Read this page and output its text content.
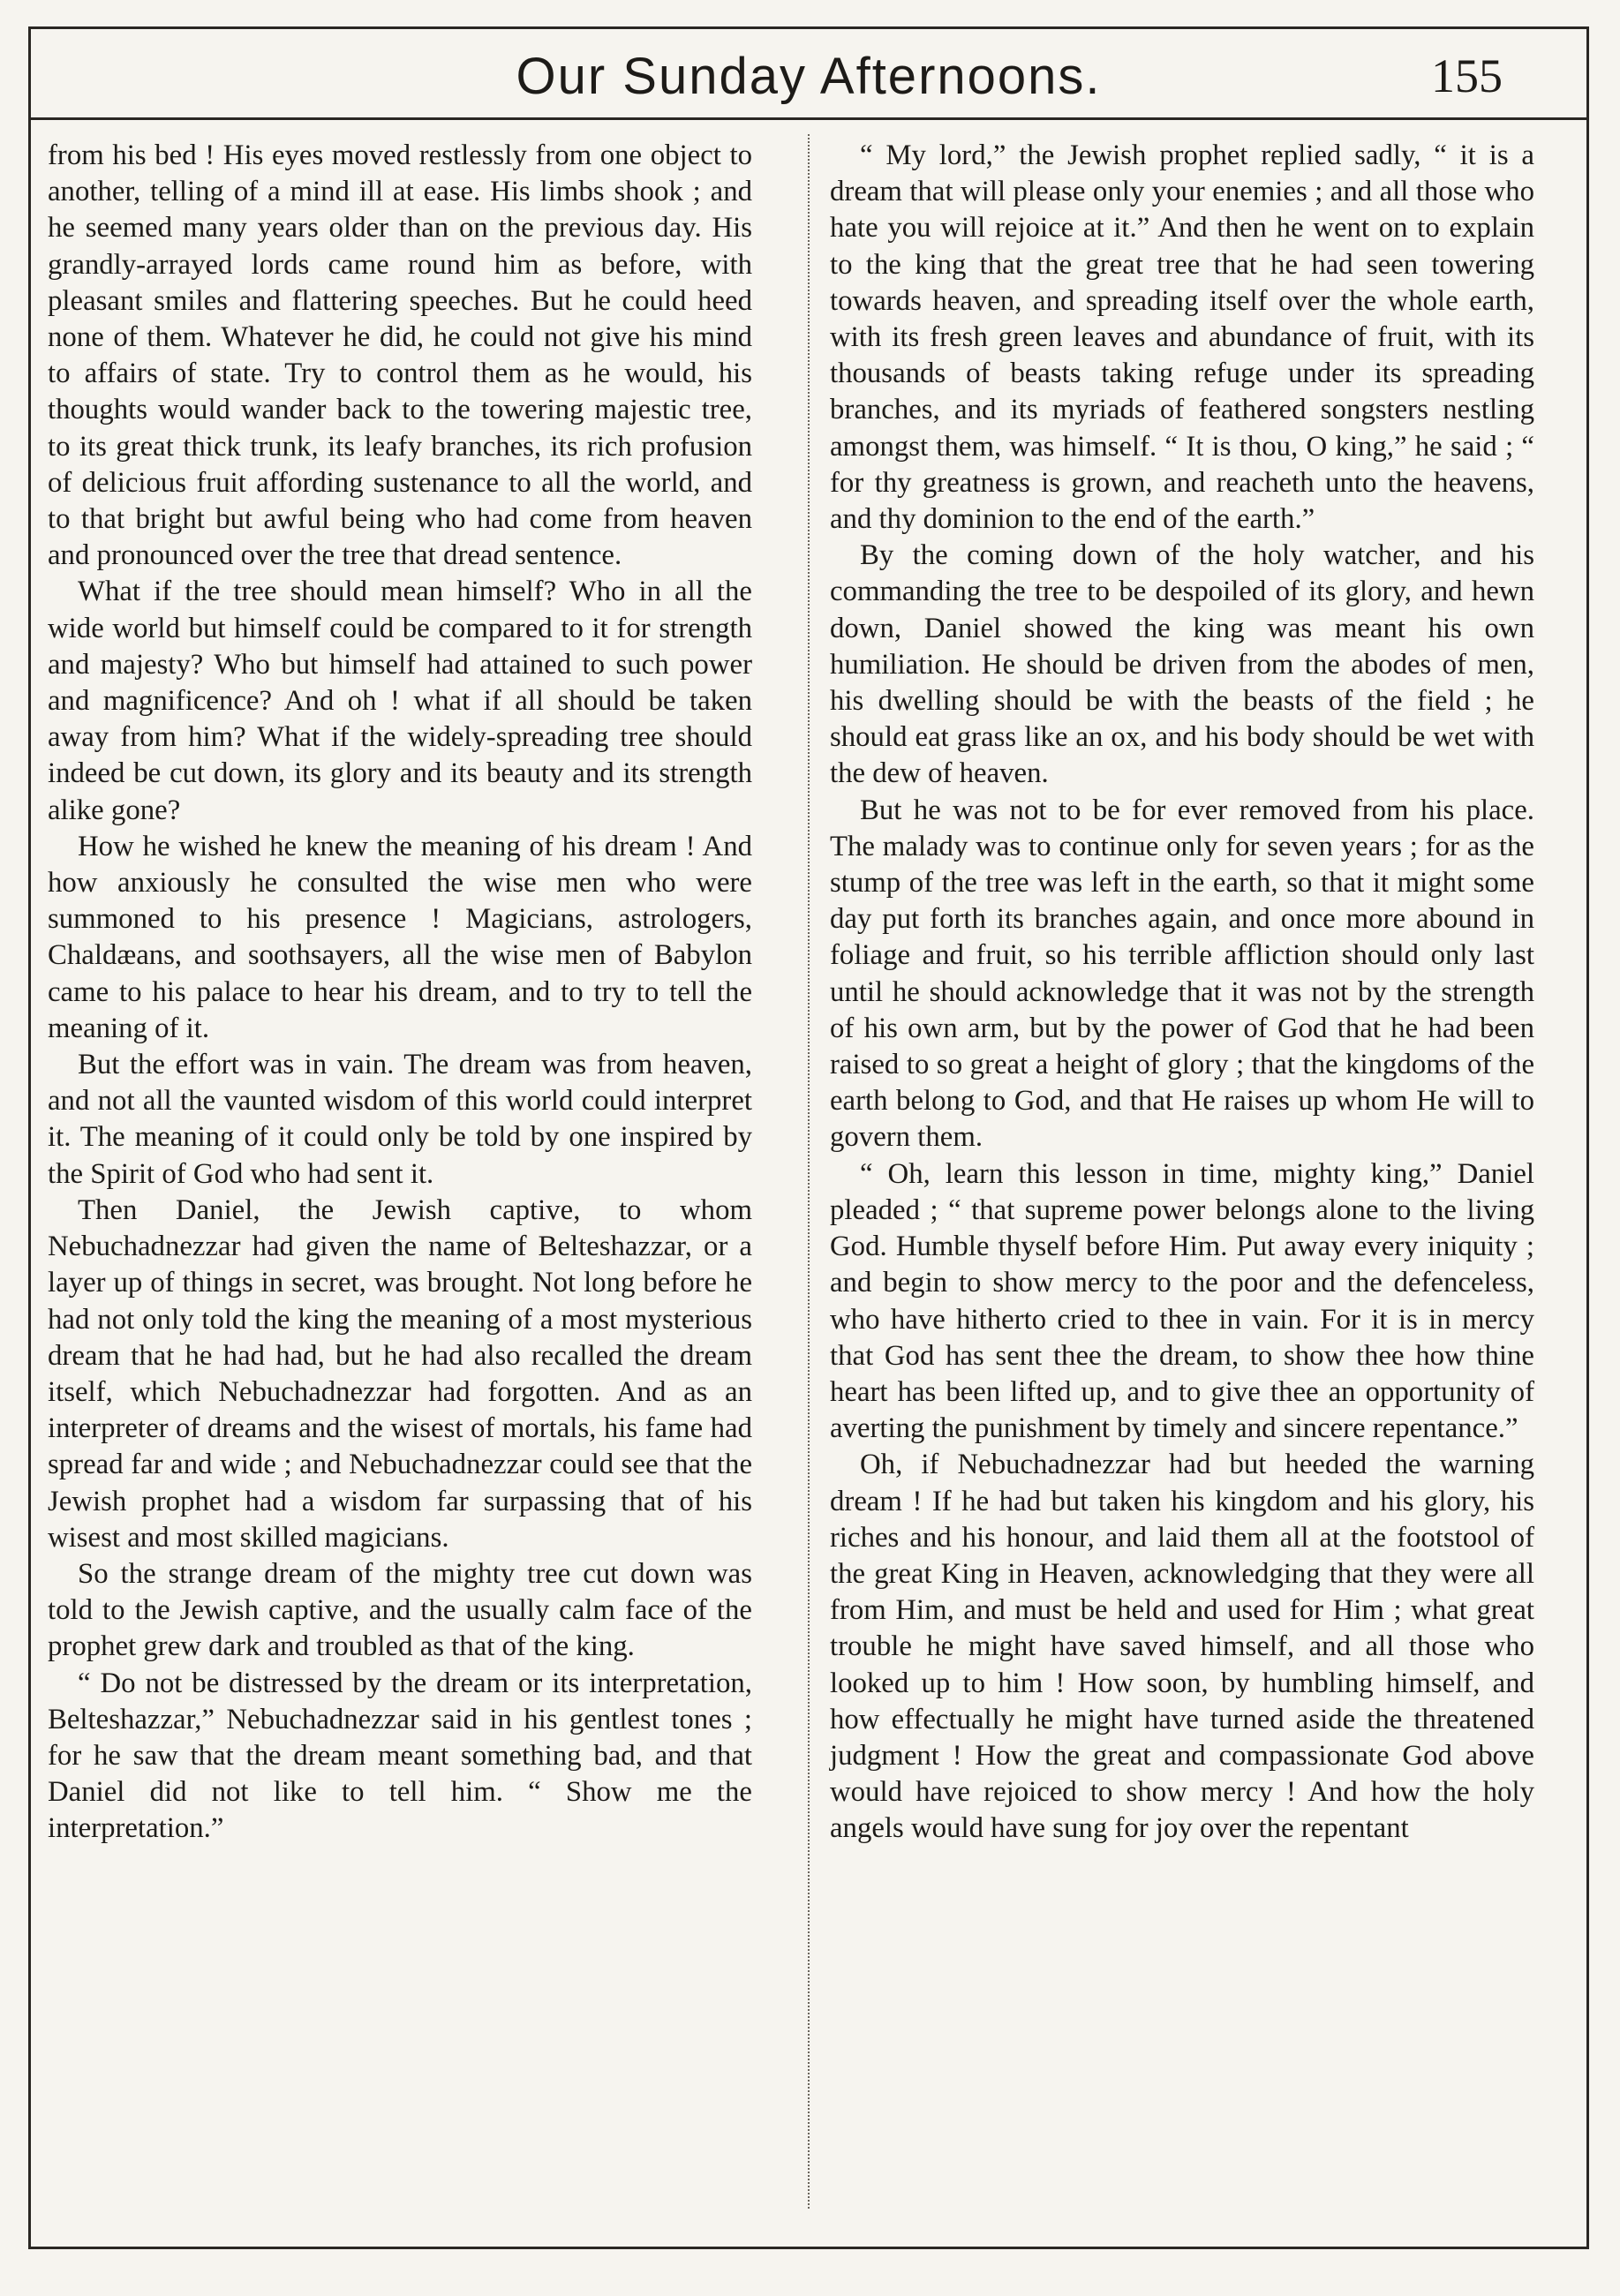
Our Sunday Afternoons.	155

from his bed ! His eyes moved restlessly from one object to another, telling of a mind ill at ease. His limbs shook ; and he seemed many years older than on the previous day. His grandly-arrayed lords came round him as before, with pleasant smiles and flattering speeches. But he could heed none of them. Whatever he did, he could not give his mind to affairs of state. Try to control them as he would, his thoughts would wander back to the towering majestic tree, to its great thick trunk, its leafy branches, its rich profusion of delicious fruit affording sustenance to all the world, and to that bright but awful being who had come from heaven and pronounced over the tree that dread sentence.

What if the tree should mean himself? Who in all the wide world but himself could be compared to it for strength and majesty? Who but himself had attained to such power and magnificence? And oh ! what if all should be taken away from him? What if the widely-spreading tree should indeed be cut down, its glory and its beauty and its strength alike gone?

How he wished he knew the meaning of his dream ! And how anxiously he consulted the wise men who were summoned to his presence ! Magicians, astrologers, Chaldæans, and soothsayers, all the wise men of Babylon came to his palace to hear his dream, and to try to tell the meaning of it.

But the effort was in vain. The dream was from heaven, and not all the vaunted wisdom of this world could interpret it. The meaning of it could only be told by one inspired by the Spirit of God who had sent it.

Then Daniel, the Jewish captive, to whom Nebuchadnezzar had given the name of Belteshazzar, or a layer up of things in secret, was brought. Not long before he had not only told the king the meaning of a most mysterious dream that he had had, but he had also recalled the dream itself, which Nebuchadnezzar had forgotten. And as an interpreter of dreams and the wisest of mortals, his fame had spread far and wide ; and Nebuchadnezzar could see that the Jewish prophet had a wisdom far surpassing that of his wisest and most skilled magicians.

So the strange dream of the mighty tree cut down was told to the Jewish captive, and the usually calm face of the prophet grew dark and troubled as that of the king.

“ Do not be distressed by the dream or its interpretation, Belteshazzar,” Nebuchadnezzar said in his gentlest tones ; for he saw that the dream meant something bad, and that Daniel did not like to tell him. “ Show me the interpretation.”

“ My lord,” the Jewish prophet replied sadly, “ it is a dream that will please only your enemies ; and all those who hate you will rejoice at it.” And then he went on to explain to the king that the great tree that he had seen towering towards heaven, and spreading itself over the whole earth, with its fresh green leaves and abundance of fruit, with its thousands of beasts taking refuge under its spreading branches, and its myriads of feathered songsters nestling amongst them, was himself. “ It is thou, O king,” he said ; “ for thy greatness is grown, and reacheth unto the heavens, and thy dominion to the end of the earth.”

By the coming down of the holy watcher, and his commanding the tree to be despoiled of its glory, and hewn down, Daniel showed the king was meant his own humiliation. He should be driven from the abodes of men, his dwelling should be with the beasts of the field ; he should eat grass like an ox, and his body should be wet with the dew of heaven.

But he was not to be for ever removed from his place. The malady was to continue only for seven years ; for as the stump of the tree was left in the earth, so that it might some day put forth its branches again, and once more abound in foliage and fruit, so his terrible affliction should only last until he should acknowledge that it was not by the strength of his own arm, but by the power of God that he had been raised to so great a height of glory ; that the kingdoms of the earth belong to God, and that He raises up whom He will to govern them.

“ Oh, learn this lesson in time, mighty king,” Daniel pleaded ; “ that supreme power belongs alone to the living God. Humble thyself before Him. Put away every iniquity ; and begin to show mercy to the poor and the defenceless, who have hitherto cried to thee in vain. For it is in mercy that God has sent thee the dream, to show thee how thine heart has been lifted up, and to give thee an opportunity of averting the punishment by timely and sincere repentance.”

Oh, if Nebuchadnezzar had but heeded the warning dream ! If he had but taken his kingdom and his glory, his riches and his honour, and laid them all at the footstool of the great King in Heaven, acknowledging that they were all from Him, and must be held and used for Him ; what great trouble he might have saved himself, and all those who looked up to him ! How soon, by humbling himself, and how effectually he might have turned aside the threatened judgment ! How the great and compassionate God above would have rejoiced to show mercy ! And how the holy angels would have sung for joy over the repentant
